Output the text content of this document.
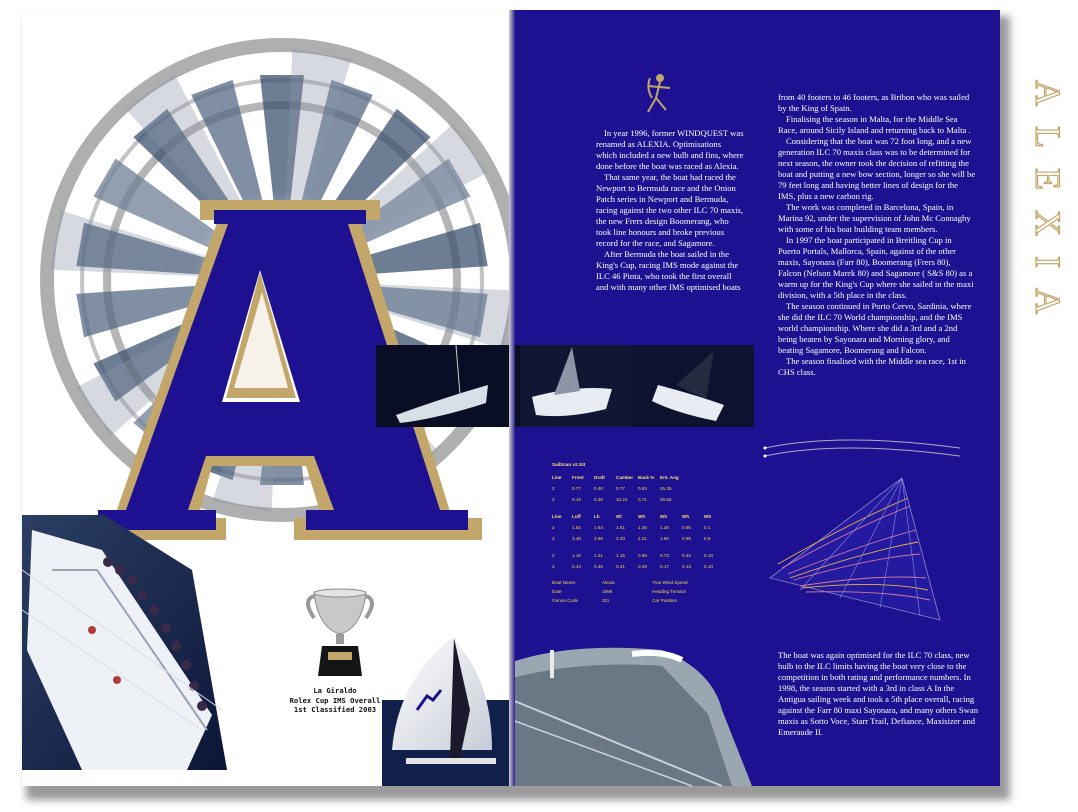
La Giraldo
Rolex Cup IMS Overall
1st Classified 2003
ALEXIA

In year 1996, former WINDQUEST was renamed as ALEXIA. Optimisations which included a new bulb and fins, where done before the boat was raced as Alexia.

That same year, the boat had raced the Newport to Bermuda race and the Onion Patch series in Newport and Bermuda, racing against the two other ILC 70 maxis, the new Frers design Boomerang, who took line honours and broke previous record for the race, and Sagamore.

After Bermuda the boat sailed in the King's Cup, racing IMS mode against the ILC 46 Pinta, who took the first overall and with many other IMS optimised boats

from 40 footers to 46 footers, as Bribon who was sailed by the King of Spain.

Finalising the season in Malta, for the Middle Sea Race, around Sicily Island and returning back to Malta .

Considering that the boat was 72 foot long, and a new generation ILC 70 maxis class was to be determined for next season, the owner took the decision of refitting the boat and putting a new bow section, longer so she will be 79 feet long and having better lines of design for the IMS, plus a new carbon rig.

The work was completed in Barcelona, Spain, in Marina 92, under the supervision of John Mc Connaghy with some of his boat building team members.

In 1997 the boat participated in Breitling Cup in Puerto Portals, Mallorca, Spain, against of the other maxis, Sayonara (Farr 80), Boomerang (Frers 80), Falcon (Nelson Marek 80) and Sagamore ( S&S 80) as a warm up for the King's Cup where she sailed in the maxi division, with a 5th place in the class.

The season continued in Porto Cervo, Sardinia, where she did the ILC 70 World championship, and the IMS world championship. Where she did a 3rd and a 2nd being beaten by Sayonara and Morning glory, and beating Sagamore, Boomerang and Falcon.

The season finalised with the Middle sea race, 1st in CHS class.

The boat was again optimised for the ILC 70 class, new bulb to the ILC limits having the boat very close to the competition in both rating and performance numbers. In 1998, the season started with a 3rd in class A In the Antigua sailing week and took a 5th place overall, racing against the Farr 80 maxi Sayonara, and many others Swan maxis as Sotto Voce, Starr Trail, Defiance, Maxisizer and Emeraude II.

SailScan v2.2/4
Line	Front	Draft	Camber	Back %	Ent. Ang
2	0.77	0.40	0.77	0.63	25.35
3	0.19	0.36	10.24	0.71	28.65
Line	Luff	Lh	Wl	Wh	Wh	Wh	Wh
2	1.82	1.64	1.61	1.36	1.30	0.90	0.1
3	3.46	3.66	3.20	2.21	1.90	0.95	0.9
2	1.16	1.21	1.16	0.88	0.72	0.42	0.10
3	0.44	0.46	0.41	0.29	0.17	0.13	0.10
Boat Name:	Alexia	True Wind Speed
Date	1999	Heading Tension
Genoa Code	311	Car Position
